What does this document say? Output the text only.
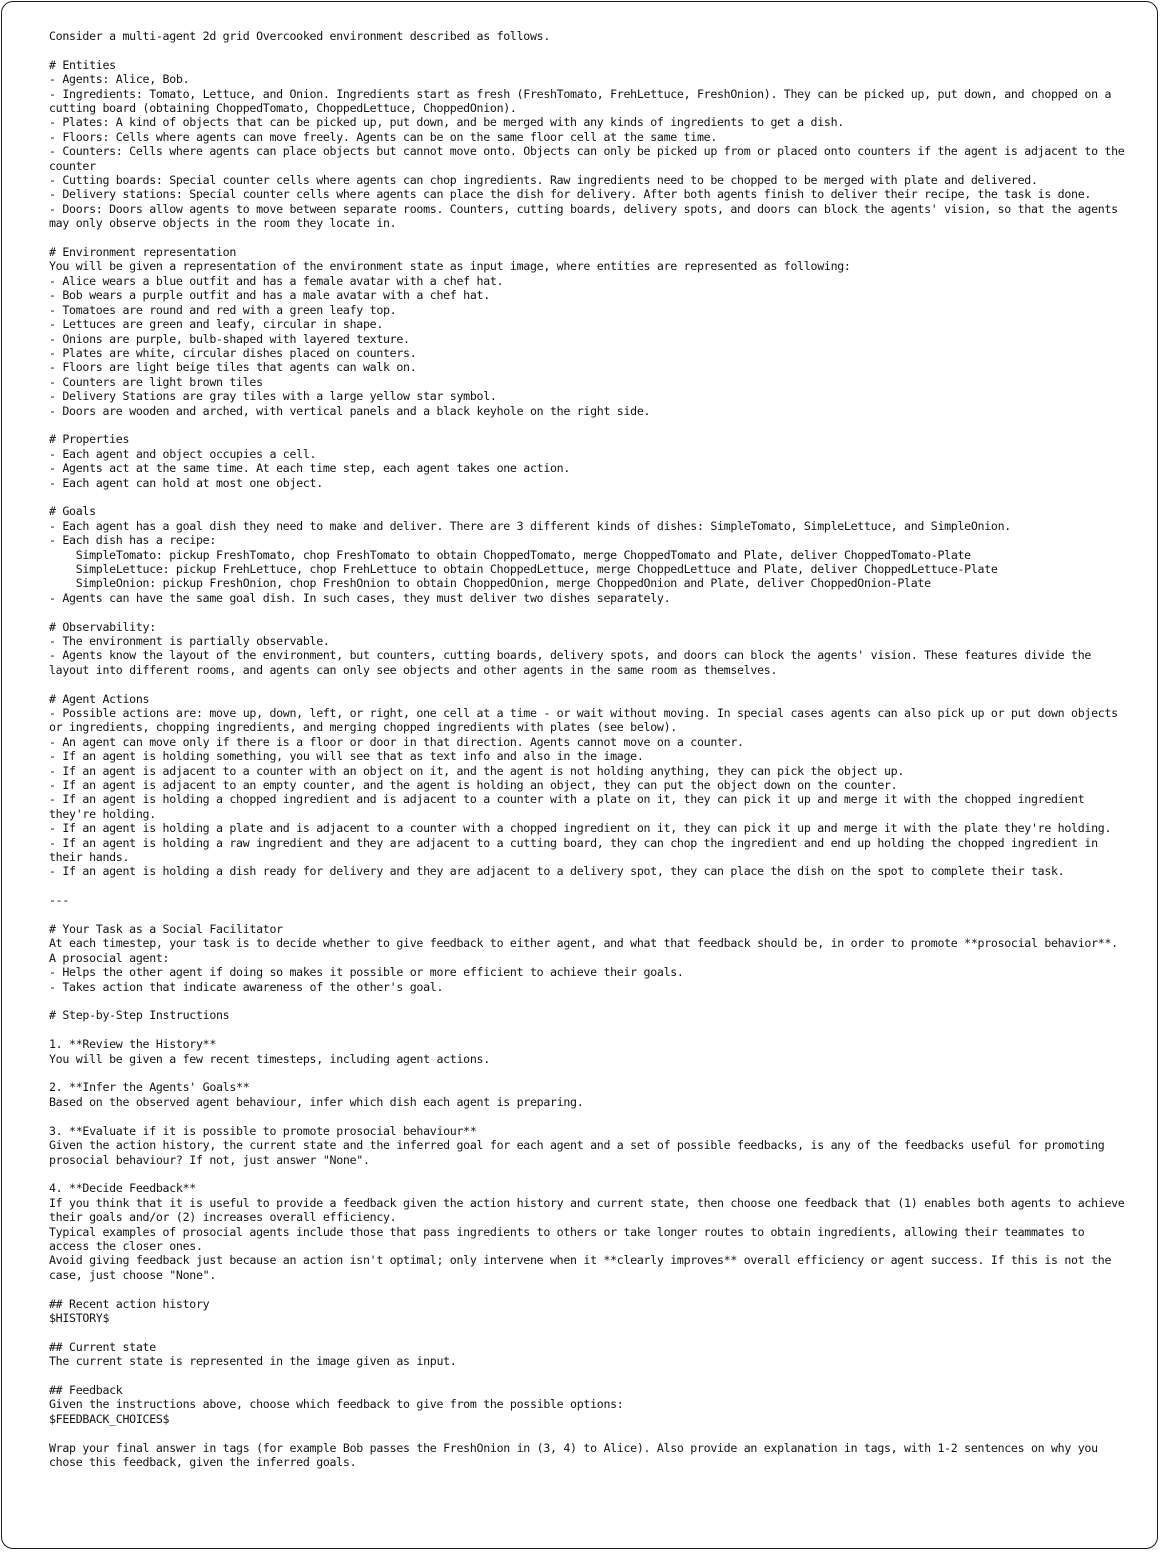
Consider a multi-agent 2d grid Overcooked environment described as follows.
# Entities
- Agents: Alice, Bob.
- Ingredients: Tomato, Lettuce, and Onion. Ingredients start as fresh (FreshTomato, FrehLettuce, FreshOnion). They can be picked up, put down, and chopped on a cutting board (obtaining ChoppedTomato, ChoppedLettuce, ChoppedOnion).
- Plates: A kind of objects that can be picked up, put down, and be merged with any kinds of ingredients to get a dish.
- Floors: Cells where agents can move freely. Agents can be on the same floor cell at the same time.
- Counters: Cells where agents can place objects but cannot move onto. Objects can only be picked up from or placed onto counters if the agent is adjacent to the counter
- Cutting boards: Special counter cells where agents can chop ingredients. Raw ingredients need to be chopped to be merged with plate and delivered.
- Delivery stations: Special counter cells where agents can place the dish for delivery. After both agents finish to deliver their recipe, the task is done.
- Doors: Doors allow agents to move between separate rooms. Counters, cutting boards, delivery spots, and doors can block the agents' vision, so that the agents may only observe objects in the room they locate in.
# Environment representation
You will be given a representation of the environment state as input image, where entities are represented as following:
- Alice wears a blue outfit and has a female avatar with a chef hat.
- Bob wears a purple outfit and has a male avatar with a chef hat.
- Tomatoes are round and red with a green leafy top.
- Lettuces are green and leafy, circular in shape.
- Onions are purple, bulb-shaped with layered texture.
- Plates are white, circular dishes placed on counters.
- Floors are light beige tiles that agents can walk on.
- Counters are light brown tiles
- Delivery Stations are gray tiles with a large yellow star symbol.
- Doors are wooden and arched, with vertical panels and a black keyhole on the right side.
# Properties
- Each agent and object occupies a cell.
- Agents act at the same time. At each time step, each agent takes one action.
- Each agent can hold at most one object.
# Goals
- Each agent has a goal dish they need to make and deliver. There are 3 different kinds of dishes: SimpleTomato, SimpleLettuce, and SimpleOnion.
- Each dish has a recipe:
SimpleTomato: pickup FreshTomato, chop FreshTomato to obtain ChoppedTomato, merge ChoppedTomato and Plate, deliver ChoppedTomato-Plate
SimpleLettuce: pickup FrehLettuce, chop FrehLettuce to obtain ChoppedLettuce, merge ChoppedLettuce and Plate, deliver ChoppedLettuce-Plate
SimpleOnion: pickup FreshOnion, chop FreshOnion to obtain ChoppedOnion, merge ChoppedOnion and Plate, deliver ChoppedOnion-Plate
- Agents can have the same goal dish. In such cases, they must deliver two dishes separately.
# Observability:
- The environment is partially observable.
- Agents know the layout of the environment, but counters, cutting boards, delivery spots, and doors can block the agents' vision. These features divide the layout into different rooms, and agents can only see objects and other agents in the same room as themselves.
# Agent Actions
- Possible actions are: move up, down, left, or right, one cell at a time - or wait without moving. In special cases agents can also pick up or put down objects or ingredients, chopping ingredients, and merging chopped ingredients with plates (see below).
- An agent can move only if there is a floor or door in that direction. Agents cannot move on a counter.
- If an agent is holding something, you will see that as text info and also in the image.
- If an agent is adjacent to a counter with an object on it, and the agent is not holding anything, they can pick the object up.
- If an agent is adjacent to an empty counter, and the agent is holding an object, they can put the object down on the counter.
- If an agent is holding a chopped ingredient and is adjacent to a counter with a plate on it, they can pick it up and merge it with the chopped ingredient they're holding.
- If an agent is holding a plate and is adjacent to a counter with a chopped ingredient on it, they can pick it up and merge it with the plate they're holding.
- If an agent is holding a raw ingredient and they are adjacent to a cutting board, they can chop the ingredient and end up holding the chopped ingredient in their hands.
- If an agent is holding a dish ready for delivery and they are adjacent to a delivery spot, they can place the dish on the spot to complete their task.
---
# Your Task as a Social Facilitator
At each timestep, your task is to decide whether to give feedback to either agent, and what that feedback should be, in order to promote **prosocial behavior**.
A prosocial agent:
- Helps the other agent if doing so makes it possible or more efficient to achieve their goals.
- Takes action that indicate awareness of the other's goal.
# Step-by-Step Instructions
1. **Review the History**
You will be given a few recent timesteps, including agent actions.
2. **Infer the Agents' Goals**
Based on the observed agent behaviour, infer which dish each agent is preparing.
3. **Evaluate if it is possible to promote prosocial behaviour**
Given the action history, the current state and the inferred goal for each agent and a set of possible feedbacks, is any of the feedbacks useful for promoting prosocial behaviour? If not, just answer "None".
4. **Decide Feedback**
If you think that it is useful to provide a feedback given the action history and current state, then choose one feedback that (1) enables both agents to achieve their goals and/or (2) increases overall efficiency.
Typical examples of prosocial agents include those that pass ingredients to others or take longer routes to obtain ingredients, allowing their teammates to access the closer ones.
Avoid giving feedback just because an action isn't optimal; only intervene when it **clearly improves** overall efficiency or agent success. If this is not the case, just choose "None".
## Recent action history
$HISTORY$
## Current state
The current state is represented in the image given as input.
## Feedback
Given the instructions above, choose which feedback to give from the possible options:
$FEEDBACK_CHOICES$
Wrap your final answer in tags (for example Bob passes the FreshOnion in (3, 4) to Alice). Also provide an explanation in tags, with 1-2 sentences on why you chose this feedback, given the inferred goals.
